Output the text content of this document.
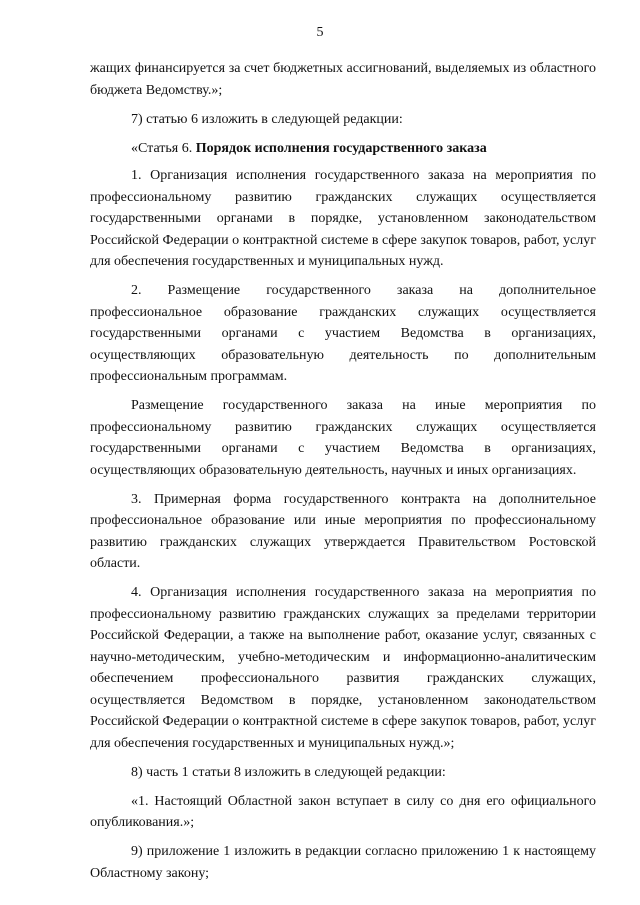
5

жащих финансируется за счет бюджетных ассигнований, выделяемых из областного бюджета Ведомству.»;

7) статью 6 изложить в следующей редакции:

«Статья 6. Порядок исполнения государственного заказа

1. Организация исполнения государственного заказа на мероприятия по профессиональному развитию гражданских служащих осуществляется государственными органами в порядке, установленном законодательством Российской Федерации о контрактной системе в сфере закупок товаров, работ, услуг для обеспечения государственных и муниципальных нужд.

2. Размещение государственного заказа на дополнительное профессиональное образование гражданских служащих осуществляется государственными органами с участием Ведомства в организациях, осуществляющих образовательную деятельность по дополнительным профессиональным программам.

Размещение государственного заказа на иные мероприятия по профессиональному развитию гражданских служащих осуществляется государственными органами с участием Ведомства в организациях, осуществляющих образовательную деятельность, научных и иных организациях.

3. Примерная форма государственного контракта на дополнительное профессиональное образование или иные мероприятия по профессиональному развитию гражданских служащих утверждается Правительством Ростовской области.

4. Организация исполнения государственного заказа на мероприятия по профессиональному развитию гражданских служащих за пределами территории Российской Федерации, а также на выполнение работ, оказание услуг, связанных с научно-методическим, учебно-методическим и информационно-аналитическим обеспечением профессионального развития гражданских служащих, осуществляется Ведомством в порядке, установленном законодательством Российской Федерации о контрактной системе в сфере закупок товаров, работ, услуг для обеспечения государственных и муниципальных нужд.»;

8) часть 1 статьи 8 изложить в следующей редакции:

«1. Настоящий Областной закон вступает в силу со дня его официального опубликования.»;

9) приложение 1 изложить в редакции согласно приложению 1 к настоящему Областному закону;
